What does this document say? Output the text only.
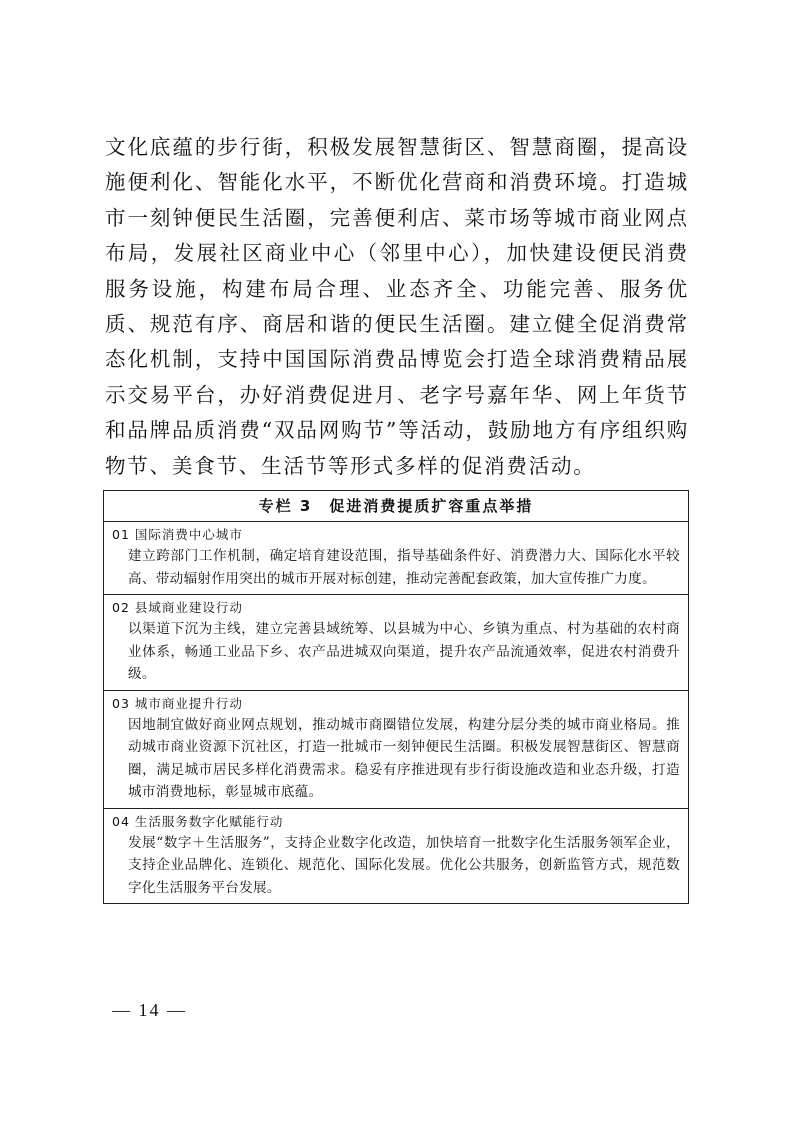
文化底蕴的步行街，积极发展智慧街区、智慧商圈，提高设施便利化、智能化水平，不断优化营商和消费环境。打造城市一刻钟便民生活圈，完善便利店、菜市场等城市商业网点布局，发展社区商业中心（邻里中心），加快建设便民消费服务设施，构建布局合理、业态齐全、功能完善、服务优质、规范有序、商居和谐的便民生活圈。建立健全促消费常态化机制，支持中国国际消费品博览会打造全球消费精品展示交易平台，办好消费促进月、老字号嘉年华、网上年货节和品牌品质消费“双品网购节”等活动，鼓励地方有序组织购物节、美食节、生活节等形式多样的促消费活动。

专栏 3　促进消费提质扩容重点举措
01 国际消费中心城市
建立跨部门工作机制，确定培育建设范围，指导基础条件好、消费潜力大、国际化水平较高、带动辐射作用突出的城市开展对标创建，推动完善配套政策，加大宣传推广力度。
02 县域商业建设行动
以渠道下沉为主线，建立完善县域统筹、以县城为中心、乡镇为重点、村为基础的农村商业体系，畅通工业品下乡、农产品进城双向渠道，提升农产品流通效率，促进农村消费升级。
03 城市商业提升行动
因地制宜做好商业网点规划，推动城市商圈错位发展，构建分层分类的城市商业格局。推动城市商业资源下沉社区，打造一批城市一刻钟便民生活圈。积极发展智慧街区、智慧商圈，满足城市居民多样化消费需求。稳妥有序推进现有步行街设施改造和业态升级，打造城市消费地标，彰显城市底蕴。
04 生活服务数字化赋能行动
发展“数字＋生活服务”，支持企业数字化改造，加快培育一批数字化生活服务领军企业，支持企业品牌化、连锁化、规范化、国际化发展。优化公共服务，创新监管方式，规范数字化生活服务平台发展。
— 14 —
